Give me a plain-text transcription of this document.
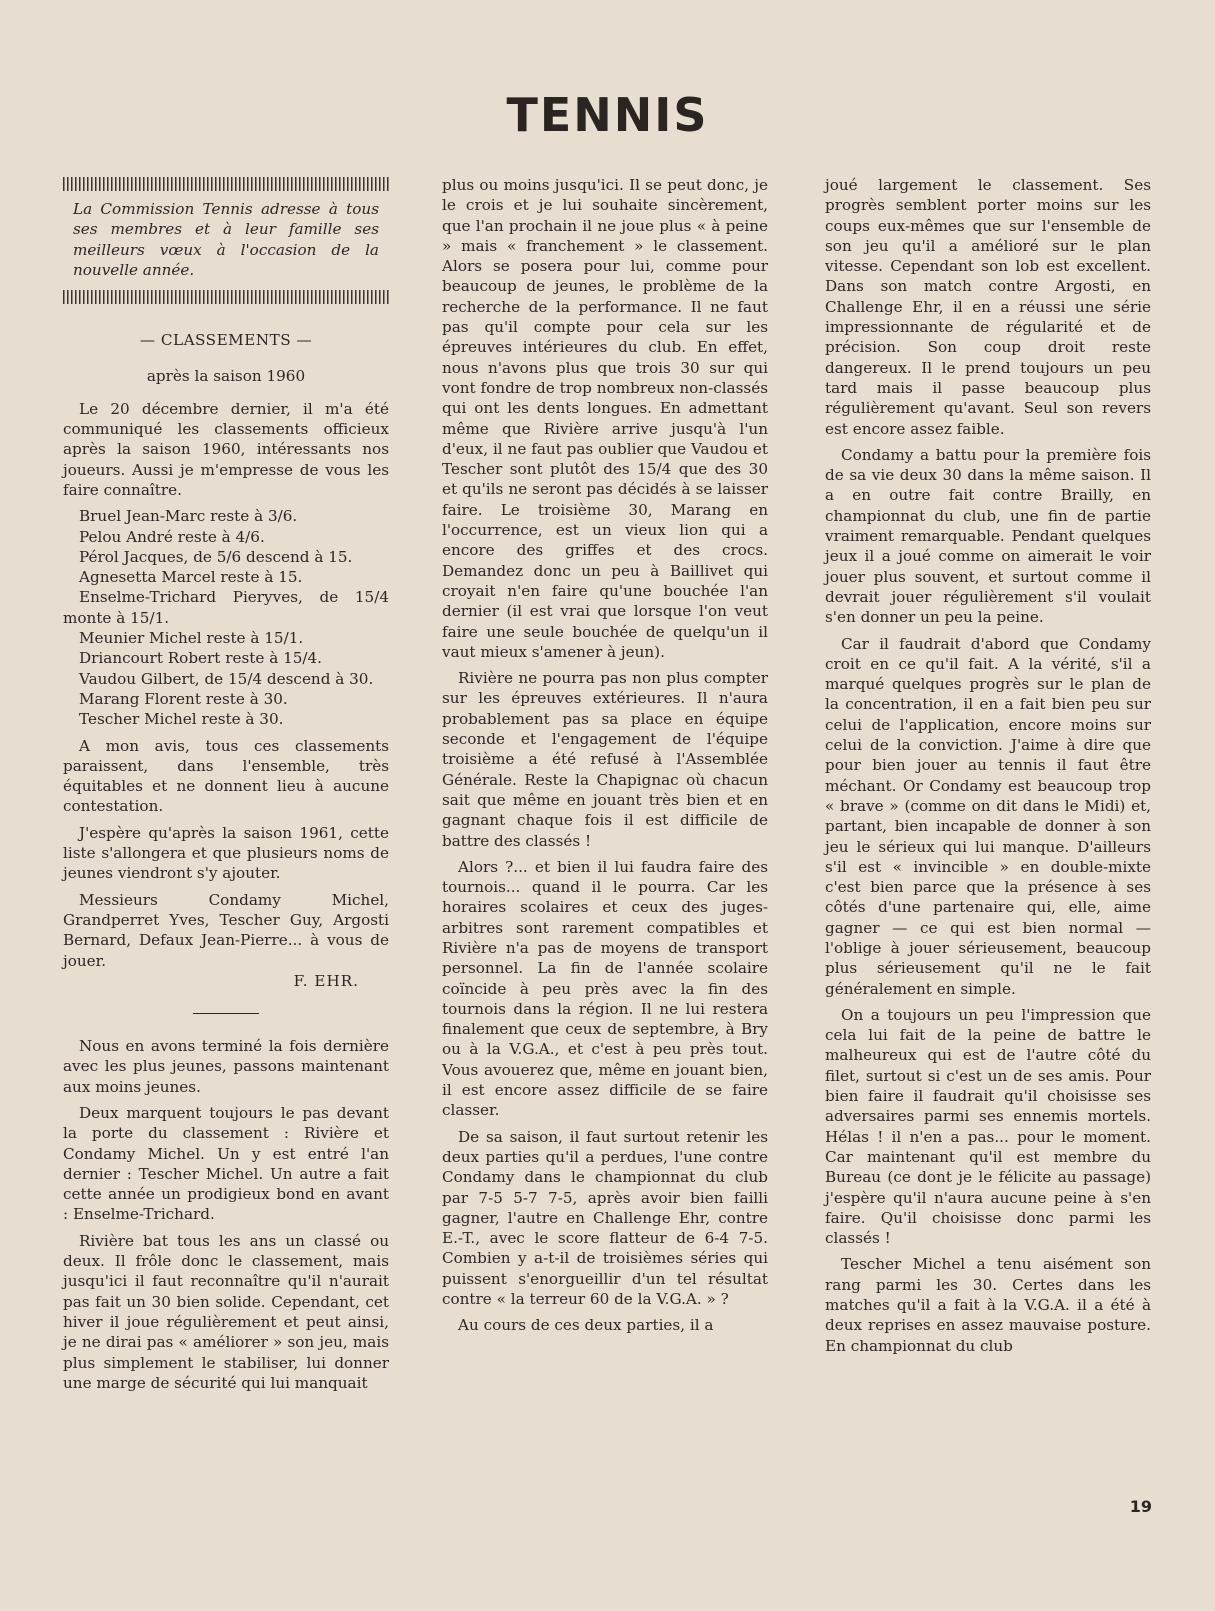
TENNIS

La Commission Tennis adresse à tous ses membres et à leur famille ses meilleurs vœux à l'occasion de la nouvelle année.

— CLASSEMENTS —
après la saison 1960

Le 20 décembre dernier, il m'a été communiqué les classements officieux après la saison 1960, intéressants nos joueurs. Aussi je m'empresse de vous les faire connaître.

Bruel Jean-Marc reste à 3/6.

Pelou André reste à 4/6.

Pérol Jacques, de 5/6 descend à 15.

Agnesetta Marcel reste à 15.

Enselme-Trichard Pieryves, de 15/4 monte à 15/1.

Meunier Michel reste à 15/1.

Driancourt Robert reste à 15/4.

Vaudou Gilbert, de 15/4 descend à 30.

Marang Florent reste à 30.

Tescher Michel reste à 30.

A mon avis, tous ces classements paraissent, dans l'ensemble, très équitables et ne donnent lieu à aucune contestation.

J'espère qu'après la saison 1961, cette liste s'allongera et que plusieurs noms de jeunes viendront s'y ajouter.

Messieurs Condamy Michel, Grandperret Yves, Tescher Guy, Argosti Bernard, Defaux Jean-Pierre... à vous de jouer.

F. EHR.

Nous en avons terminé la fois dernière avec les plus jeunes, passons maintenant aux moins jeunes.

Deux marquent toujours le pas devant la porte du classement : Rivière et Condamy Michel. Un y est entré l'an dernier : Tescher Michel. Un autre a fait cette année un prodigieux bond en avant : Enselme-Trichard.

Rivière bat tous les ans un classé ou deux. Il frôle donc le classement, mais jusqu'ici il faut reconnaître qu'il n'aurait pas fait un 30 bien solide. Cependant, cet hiver il joue régulièrement et peut ainsi, je ne dirai pas « améliorer » son jeu, mais plus simplement le stabiliser, lui donner une marge de sécurité qui lui manquait

plus ou moins jusqu'ici. Il se peut donc, je le crois et je lui souhaite sincèrement, que l'an prochain il ne joue plus « à peine » mais « franchement » le classement. Alors se posera pour lui, comme pour beaucoup de jeunes, le problème de la recherche de la performance. Il ne faut pas qu'il compte pour cela sur les épreuves intérieures du club. En effet, nous n'avons plus que trois 30 sur qui vont fondre de trop nombreux non-classés qui ont les dents longues. En admettant même que Rivière arrive jusqu'à l'un d'eux, il ne faut pas oublier que Vaudou et Tescher sont plutôt des 15/4 que des 30 et qu'ils ne seront pas décidés à se laisser faire. Le troisième 30, Marang en l'occurrence, est un vieux lion qui a encore des griffes et des crocs. Demandez donc un peu à Baillivet qui croyait n'en faire qu'une bouchée l'an dernier (il est vrai que lorsque l'on veut faire une seule bouchée de quelqu'un il vaut mieux s'amener à jeun).

Rivière ne pourra pas non plus compter sur les épreuves extérieures. Il n'aura probablement pas sa place en équipe seconde et l'engagement de l'équipe troisième a été refusé à l'Assemblée Générale. Reste la Chapignac où chacun sait que même en jouant très bien et en gagnant chaque fois il est difficile de battre des classés !

Alors ?... et bien il lui faudra faire des tournois... quand il le pourra. Car les horaires scolaires et ceux des juges-arbitres sont rarement compatibles et Rivière n'a pas de moyens de transport personnel. La fin de l'année scolaire coïncide à peu près avec la fin des tournois dans la région. Il ne lui restera finalement que ceux de septembre, à Bry ou à la V.G.A., et c'est à peu près tout. Vous avouerez que, même en jouant bien, il est encore assez difficile de se faire classer.

De sa saison, il faut surtout retenir les deux parties qu'il a perdues, l'une contre Condamy dans le championnat du club par 7-5 5-7 7-5, après avoir bien failli gagner, l'autre en Challenge Ehr, contre E.-T., avec le score flatteur de 6-4 7-5. Combien y a-t-il de troisièmes séries qui puissent s'enorgueillir d'un tel résultat contre « la terreur 60 de la V.G.A. » ?

Au cours de ces deux parties, il a

joué largement le classement. Ses progrès semblent porter moins sur les coups eux-mêmes que sur l'ensemble de son jeu qu'il a amélioré sur le plan vitesse. Cependant son lob est excellent. Dans son match contre Argosti, en Challenge Ehr, il en a réussi une série impressionnante de régularité et de précision. Son coup droit reste dangereux. Il le prend toujours un peu tard mais il passe beaucoup plus régulièrement qu'avant. Seul son revers est encore assez faible.

Condamy a battu pour la première fois de sa vie deux 30 dans la même saison. Il a en outre fait contre Brailly, en championnat du club, une fin de partie vraiment remarquable. Pendant quelques jeux il a joué comme on aimerait le voir jouer plus souvent, et surtout comme il devrait jouer régulièrement s'il voulait s'en donner un peu la peine.

Car il faudrait d'abord que Condamy croit en ce qu'il fait. A la vérité, s'il a marqué quelques progrès sur le plan de la concentration, il en a fait bien peu sur celui de l'application, encore moins sur celui de la conviction. J'aime à dire que pour bien jouer au tennis il faut être méchant. Or Condamy est beaucoup trop « brave » (comme on dit dans le Midi) et, partant, bien incapable de donner à son jeu le sérieux qui lui manque. D'ailleurs s'il est « invincible » en double-mixte c'est bien parce que la présence à ses côtés d'une partenaire qui, elle, aime gagner — ce qui est bien normal — l'oblige à jouer sérieusement, beaucoup plus sérieusement qu'il ne le fait généralement en simple.

On a toujours un peu l'impression que cela lui fait de la peine de battre le malheureux qui est de l'autre côté du filet, surtout si c'est un de ses amis. Pour bien faire il faudrait qu'il choisisse ses adversaires parmi ses ennemis mortels. Hélas ! il n'en a pas... pour le moment. Car maintenant qu'il est membre du Bureau (ce dont je le félicite au passage) j'espère qu'il n'aura aucune peine à s'en faire. Qu'il choisisse donc parmi les classés !

Tescher Michel a tenu aisément son rang parmi les 30. Certes dans les matches qu'il a fait à la V.G.A. il a été à deux reprises en assez mauvaise posture. En championnat du club

19
